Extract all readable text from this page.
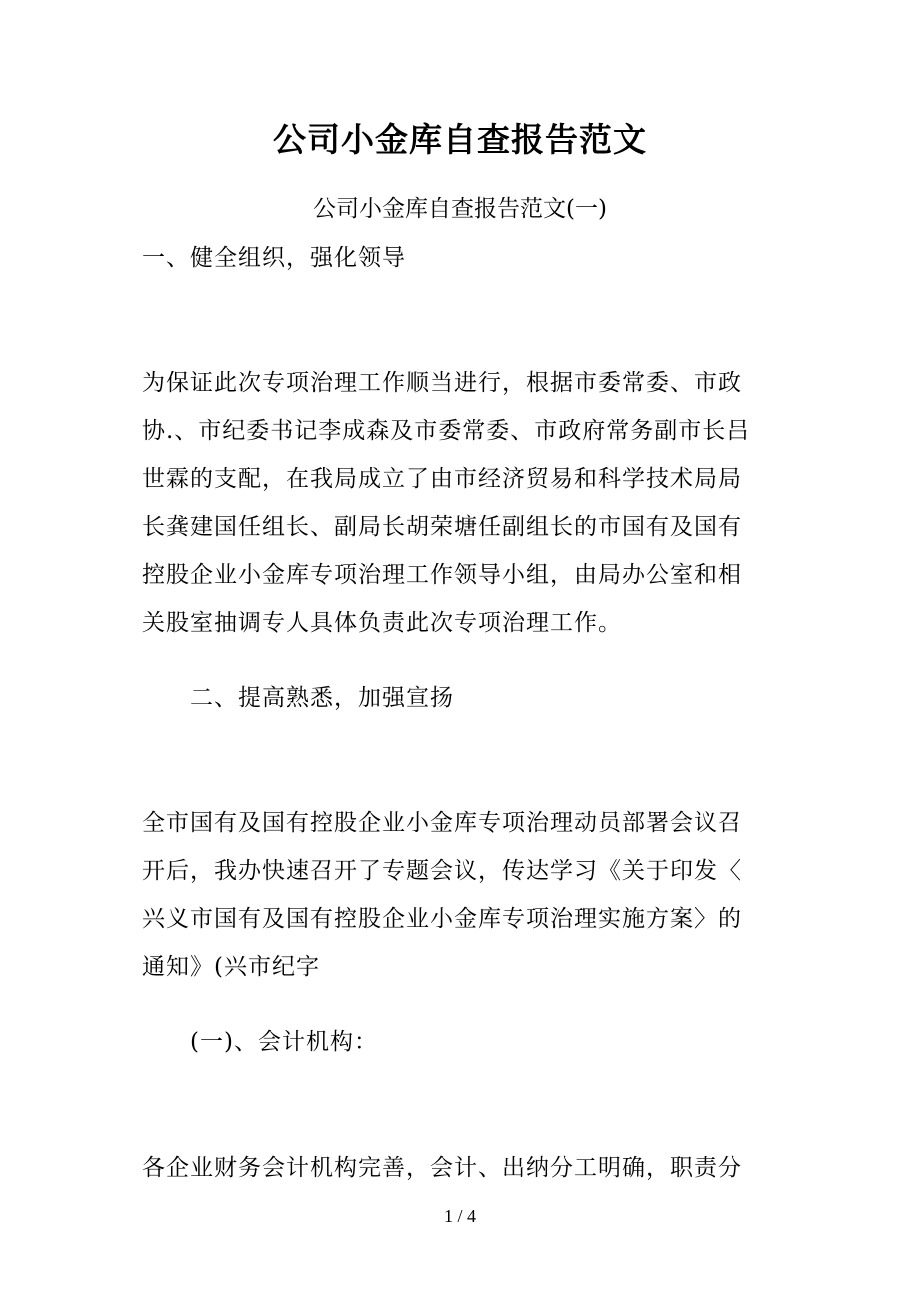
公司小金库自查报告范文
公司小金库自查报告范文(一)
一、健全组织，强化领导
为保证此次专项治理工作顺当进行，根据市委常委、市政
协.、市纪委书记李成森及市委常委、市政府常务副市长吕
世霖的支配，在我局成立了由市经济贸易和科学技术局局
长龚建国任组长、副局长胡荣塘任副组长的市国有及国有
控股企业小金库专项治理工作领导小组，由局办公室和相
关股室抽调专人具体负责此次专项治理工作。
二、提高熟悉，加强宣扬
全市国有及国有控股企业小金库专项治理动员部署会议召
开后，我办快速召开了专题会议，传达学习《关于印发〈
兴义市国有及国有控股企业小金库专项治理实施方案〉的
通知》(兴市纪字
(一)、会计机构：
各企业财务会计机构完善，会计、出纳分工明确，职责分
1 / 4
